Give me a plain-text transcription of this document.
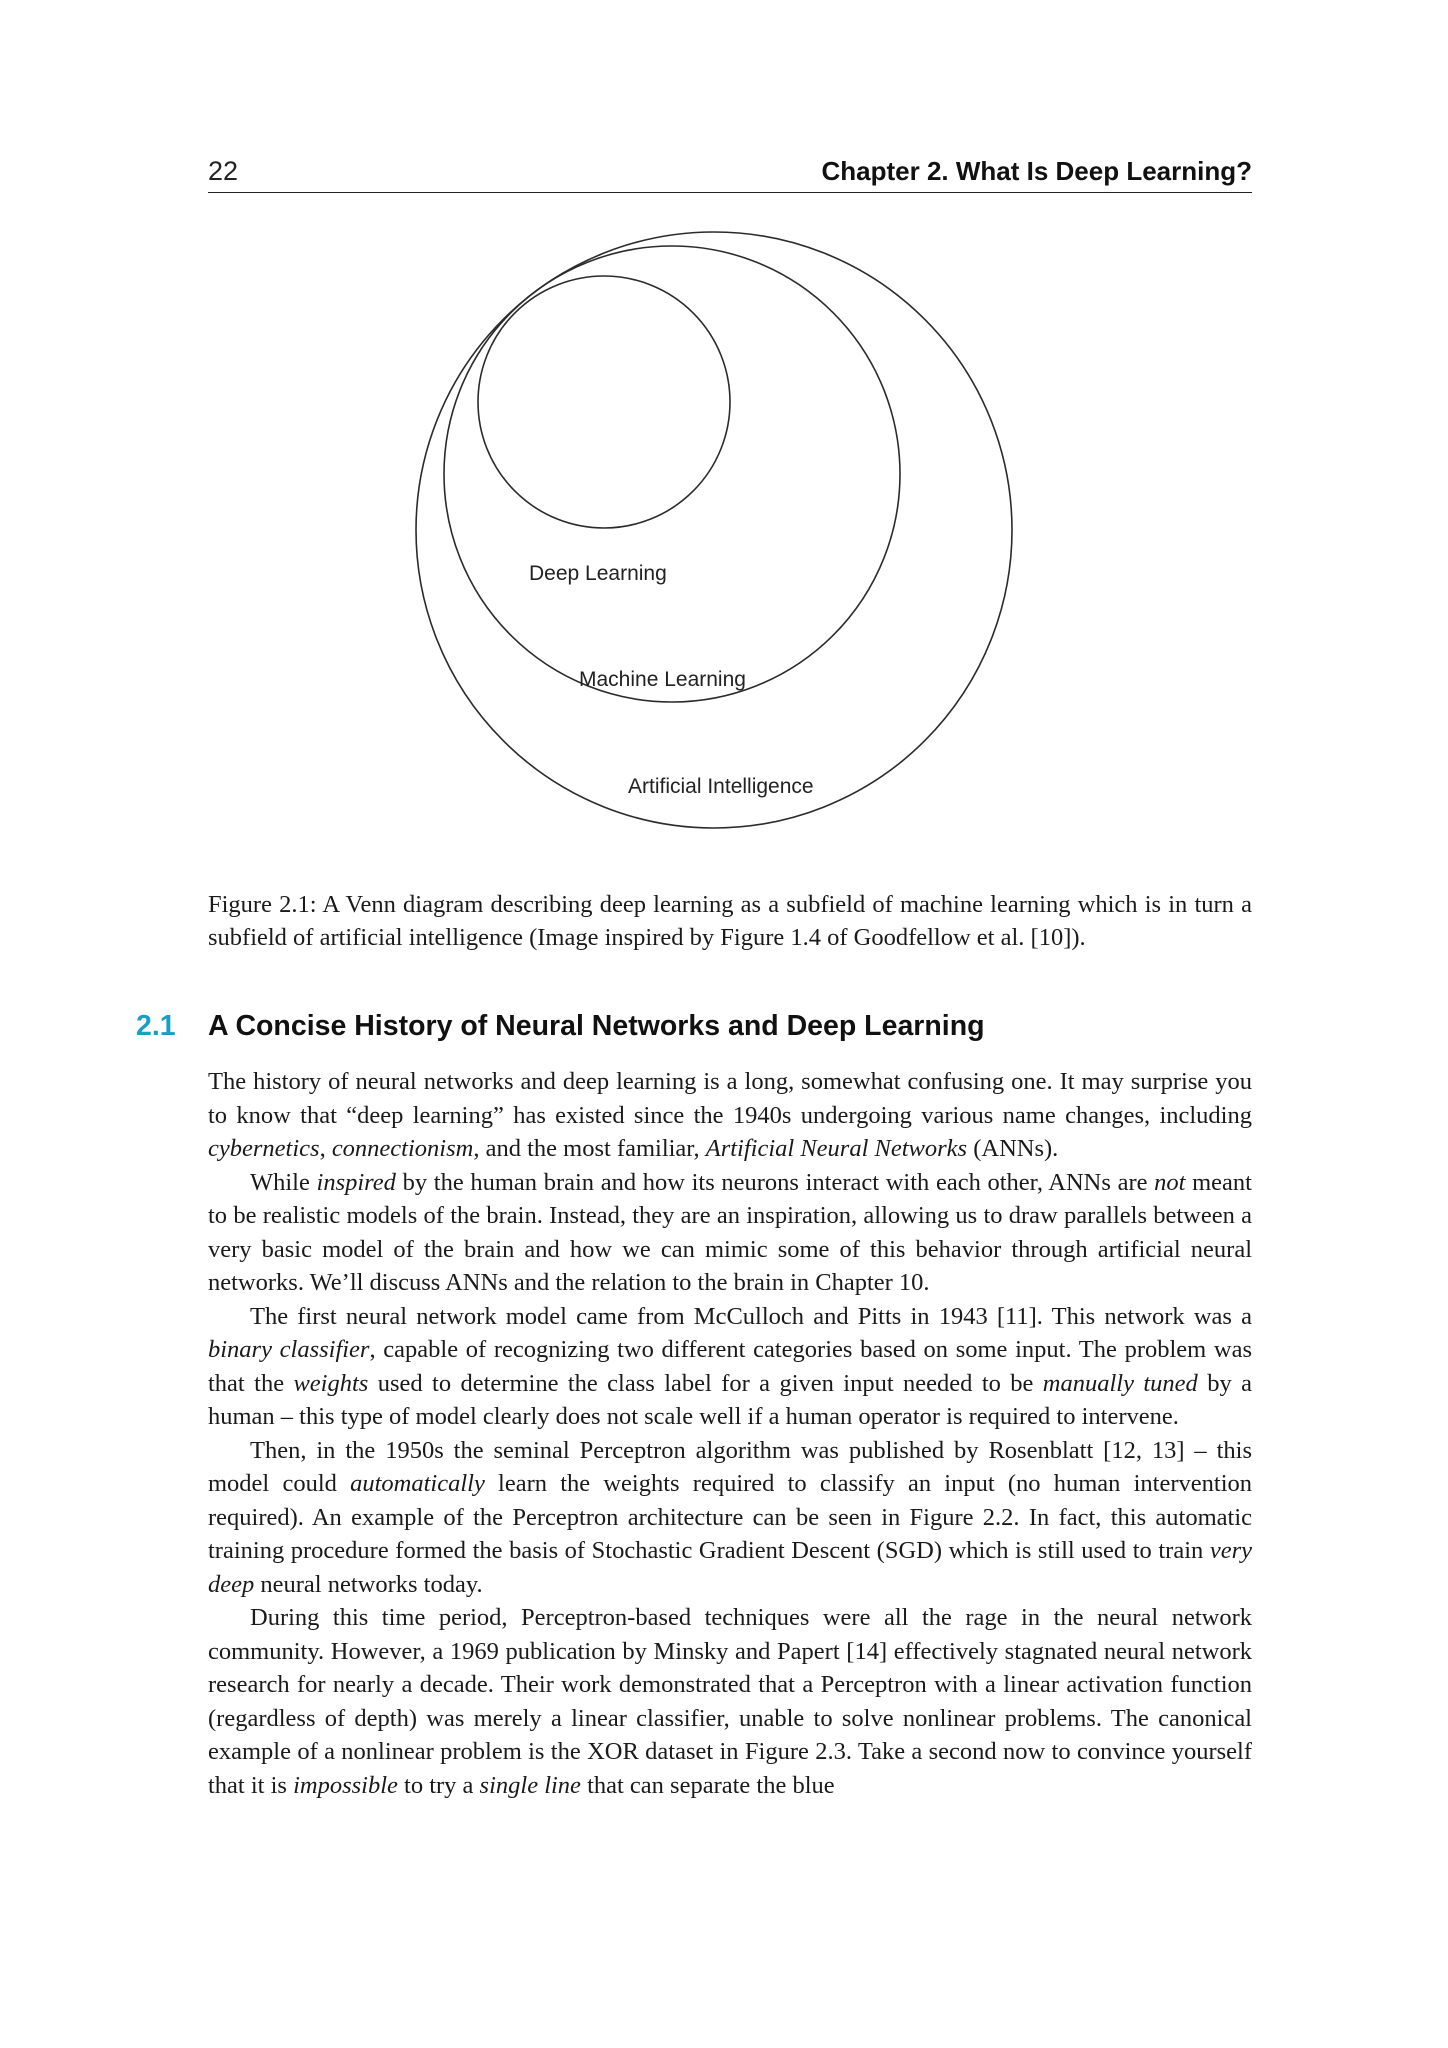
22	Chapter 2. What Is Deep Learning?
Deep Learning
Machine Learning
Artificial Intelligence

Figure 2.1: A Venn diagram describing deep learning as a subfield of machine learning which is in turn a subfield of artificial intelligence (Image inspired by Figure 1.4 of Goodfellow et al. [10]).

2.1 A Concise History of Neural Networks and Deep Learning

The history of neural networks and deep learning is a long, somewhat confusing one. It may surprise you to know that “deep learning” has existed since the 1940s undergoing various name changes, including cybernetics, connectionism, and the most familiar, Artificial Neural Networks (ANNs).

While inspired by the human brain and how its neurons interact with each other, ANNs are not meant to be realistic models of the brain. Instead, they are an inspiration, allowing us to draw parallels between a very basic model of the brain and how we can mimic some of this behavior through artificial neural networks. We’ll discuss ANNs and the relation to the brain in Chapter 10.

The first neural network model came from McCulloch and Pitts in 1943 [11]. This network was a binary classifier, capable of recognizing two different categories based on some input. The problem was that the weights used to determine the class label for a given input needed to be manually tuned by a human – this type of model clearly does not scale well if a human operator is required to intervene.

Then, in the 1950s the seminal Perceptron algorithm was published by Rosenblatt [12, 13] – this model could automatically learn the weights required to classify an input (no human intervention required). An example of the Perceptron architecture can be seen in Figure 2.2. In fact, this automatic training procedure formed the basis of Stochastic Gradient Descent (SGD) which is still used to train very deep neural networks today.

During this time period, Perceptron-based techniques were all the rage in the neural network community. However, a 1969 publication by Minsky and Papert [14] effectively stagnated neural network research for nearly a decade. Their work demonstrated that a Perceptron with a linear activation function (regardless of depth) was merely a linear classifier, unable to solve nonlinear problems. The canonical example of a nonlinear problem is the XOR dataset in Figure 2.3. Take a second now to convince yourself that it is impossible to try a single line that can separate the blue
